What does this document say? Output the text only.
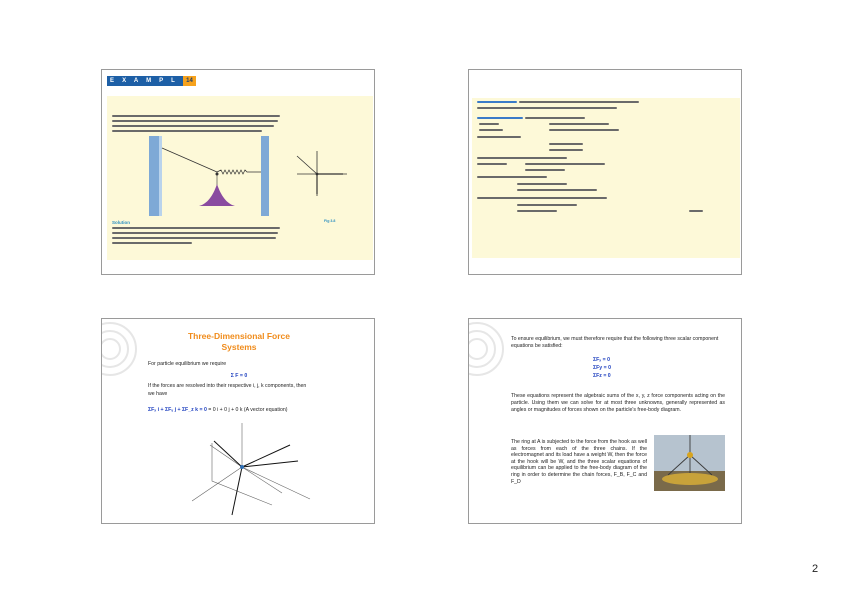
E X A M P L E
14
Solution	Fig 3.8
Three-Dimensional Force
Systems
For particle equilibrium we require
Σ F = 0
If the forces are resolved into their respective i, j, k components, then
we have
ΣFₓ i + ΣFᵧ j + ΣF_z k = 0 = 0 i + 0 j + 0 k (A vector equation)
To ensure equilibrium, we must therefore require that the following three scalar component equations be satisfied:
ΣFₓ = 0
ΣFy = 0
ΣFz = 0
These equations represent the algebraic sums of the x, y, z force components acting on the particle. Using them we can solve for at most three unknowns, generally represented as angles or magnitudes of forces shown on the particle's free-body diagram.
The ring at A is subjected to the force from the hook as well as forces from each of the three chains. If the electromagnet and its load have a weight W, then the force at the hook will be W, and the three scalar equations of equilibrium can be applied to the free-body diagram of the ring in order to determine the chain forces, F_B, F_C and F_D
2
